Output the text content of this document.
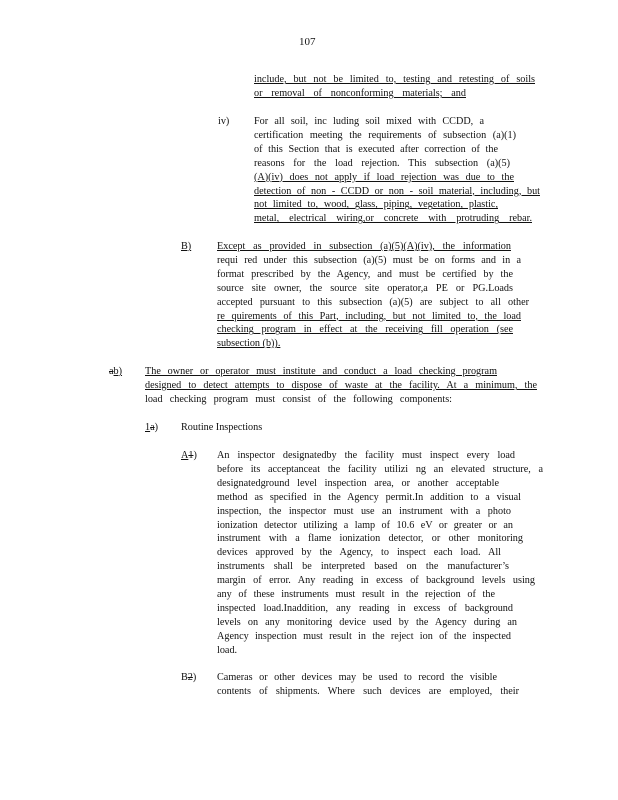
107
include, but not be limited to, testing and retesting of soils
or removal of nonconforming materials; and
iv) For all soil, inc luding soil mixed with CCDD, a
certification meeting the requirements of subsection (a)(1)
of this Section that is executed after correction of the
reasons for the load rejection. This subsection (a)(5)
(A)(iv) does not apply if load rejection was due to the
detection of non - CCDD or non - soil material, including, but
not limited to, wood, glass, piping, vegetation, plastic,
metal, electrical wiring,or concrete with protruding rebar.
B)	Except as provided in subsection (a)(5)(A)(iv), the information
requi red under this subsection (a)(5) must be on forms and in a
format prescribed by the Agency, and must be certified by the
source site owner, the source site operator,a PE or PG.Loads
accepted pursuant to this subsection (a)(5) are subject to all other
re quirements of this Part, including, but not limited to, the load
checking program in effect at the receiving fill operation (see
subsection (b)).
ab) The owner or operator must institute and conduct a load checking program
designed to detect attempts to dispose of waste at the facility. At a minimum, the
load checking program must consist of the following components:
1a) Routine Inspections
A1) An inspector designatedby the facility must inspect every load
before its acceptanceat the facility utilizi ng an elevated structure, a
designatedground level inspection area, or another acceptable
method as specified in the Agency permit.In addition to a visual
inspection, the inspector must use an instrument with a photo
ionization detector utilizing a lamp of 10.6 eV or greater or an
instrument with a flame ionization detector, or other monitoring
devices approved by the Agency, to inspect each load. All
instruments shall be interpreted based on the manufacturer’s
margin of error. Any reading in excess of background levels using
any of these instruments must result in the rejection of the
inspected load.Inaddition, any reading in excess of background
levels on any monitoring device used by the Agency during an
Agency inspection must result in the reject ion of the inspected
load.
B2) Cameras or other devices may be used to record the visible
contents of shipments. Where such devices are employed, their
